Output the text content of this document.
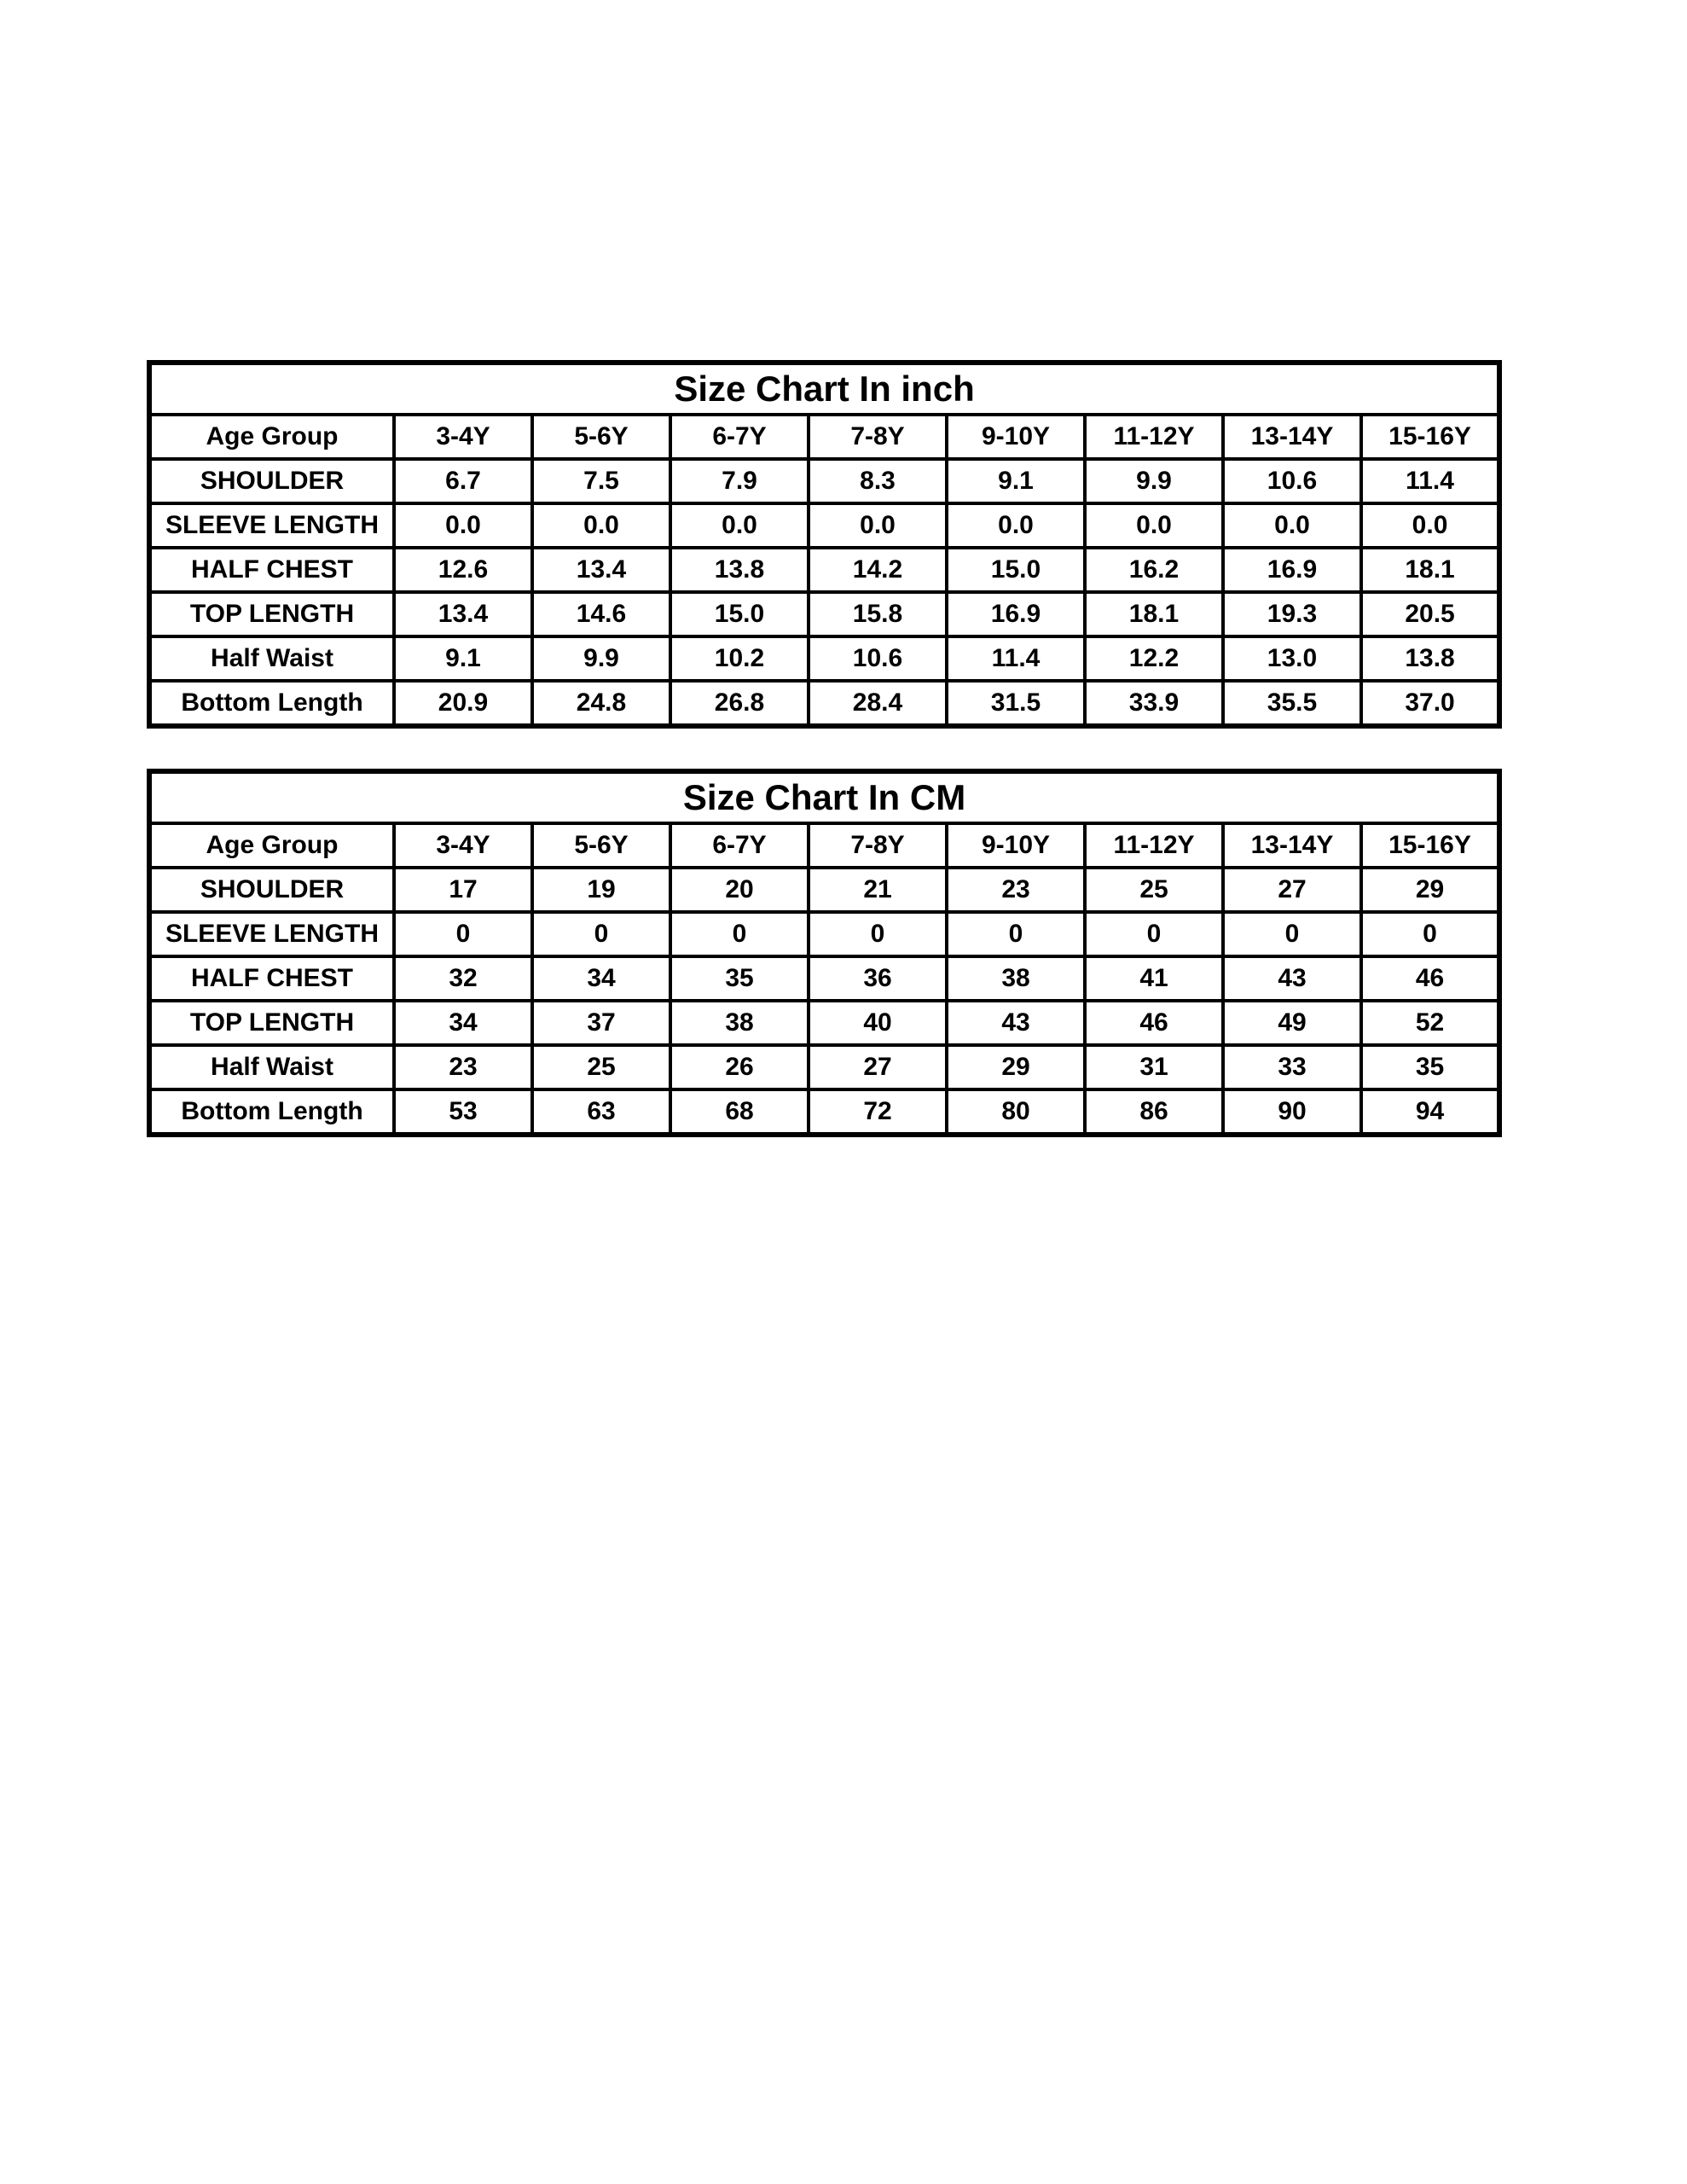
Size Chart In inch								
Age Group	3-4Y	5-6Y	6-7Y	7-8Y	9-10Y	11-12Y	13-14Y	15-16Y
SHOULDER	6.7	7.5	7.9	8.3	9.1	9.9	10.6	11.4
SLEEVE LENGTH	0.0	0.0	0.0	0.0	0.0	0.0	0.0	0.0
HALF CHEST	12.6	13.4	13.8	14.2	15.0	16.2	16.9	18.1
TOP LENGTH	13.4	14.6	15.0	15.8	16.9	18.1	19.3	20.5
Half Waist	9.1	9.9	10.2	10.6	11.4	12.2	13.0	13.8
Bottom Length	20.9	24.8	26.8	28.4	31.5	33.9	35.5	37.0
Size Chart In CM								
Age Group	3-4Y	5-6Y	6-7Y	7-8Y	9-10Y	11-12Y	13-14Y	15-16Y
SHOULDER	17	19	20	21	23	25	27	29
SLEEVE LENGTH	0	0	0	0	0	0	0	0
HALF CHEST	32	34	35	36	38	41	43	46
TOP LENGTH	34	37	38	40	43	46	49	52
Half Waist	23	25	26	27	29	31	33	35
Bottom Length	53	63	68	72	80	86	90	94
